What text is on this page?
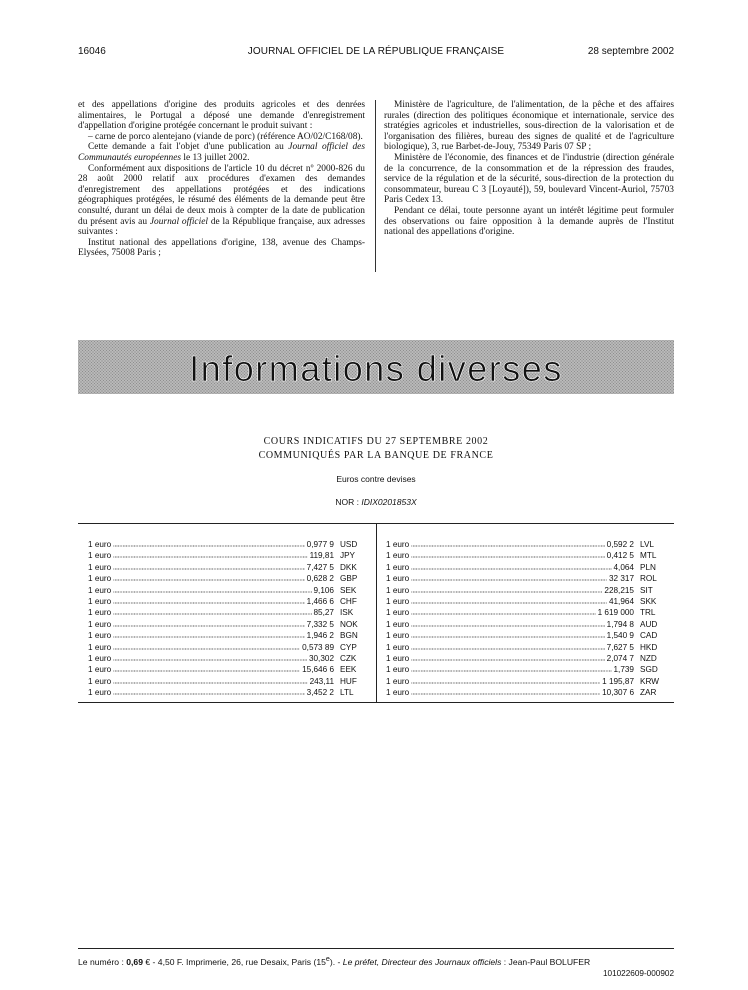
16046	JOURNAL OFFICIEL DE LA RÉPUBLIQUE FRANÇAISE	28 septembre 2002

et des appellations d'origine des produits agricoles et des denrées alimentaires, le Portugal a déposé une demande d'enregistrement d'appellation d'origine protégée concernant le produit suivant :

– carne de porco alentejano (viande de porc) (référence AO/02/C168/08).

Cette demande a fait l'objet d'une publication au Journal officiel des Communautés européennes le 13 juillet 2002.

Conformément aux dispositions de l'article 10 du décret nº 2000-826 du 28 août 2000 relatif aux procédures d'examen des demandes d'enregistrement des appellations protégées et des indications géographiques protégées, le résumé des éléments de la demande peut être consulté, durant un délai de deux mois à compter de la date de publication du présent avis au Journal officiel de la République française, aux adresses suivantes :

Institut national des appellations d'origine, 138, avenue des Champs-Elysées, 75008 Paris ;

Ministère de l'agriculture, de l'alimentation, de la pêche et des affaires rurales (direction des politiques économique et internationale, service des stratégies agricoles et industrielles, sous-direction de la valorisation et de l'organisation des filières, bureau des signes de qualité et de l'agriculture biologique), 3, rue Barbet-de-Jouy, 75349 Paris 07 SP ;

Ministère de l'économie, des finances et de l'industrie (direction générale de la concurrence, de la consommation et de la répression des fraudes, service de la régulation et de la sécurité, sous-direction de la protection du consommateur, bureau C 3 [Loyauté]), 59, boulevard Vincent-Auriol, 75703 Paris Cedex 13.

Pendant ce délai, toute personne ayant un intérêt légitime peut formuler des observations ou faire opposition à la demande auprès de l'Institut national des appellations d'origine.

Informations diverses
COURS INDICATIFS DU 27 SEPTEMBRE 2002
COMMUNIQUÉS PAR LA BANQUE DE FRANCE
Euros contre devises
NOR : IDIX0201853X
1 euro	0,977 9 USD
1 euro	119,81 JPY
1 euro	7,427 5 DKK
1 euro	0,628 2 GBP
1 euro	9,106 SEK
1 euro	1,466 6 CHF
1 euro	85,27 ISK
1 euro	7,332 5 NOK
1 euro	1,946 2 BGN
1 euro	0,573 89 CYP
1 euro	30,302 CZK
1 euro	15,646 6 EEK
1 euro	243,11 HUF
1 euro	3,452 2 LTL
1 euro	0,592 2 LVL
1 euro	0,412 5 MTL
1 euro	4,064 PLN
1 euro	32 317 ROL
1 euro	228,215 SIT
1 euro	41,964 SKK
1 euro	1 619 000 TRL
1 euro	1,794 8 AUD
1 euro	1,540 9 CAD
1 euro	7,627 5 HKD
1 euro	2,074 7 NZD
1 euro	1,739 SGD
1 euro	1 195,87 KRW
1 euro	10,307 6 ZAR
Le numéro : 0,69 € - 4,50 F. Imprimerie, 26, rue Desaix, Paris (15e). - Le préfet, Directeur des Journaux officiels : Jean-Paul BOLUFER
101022609-000902
